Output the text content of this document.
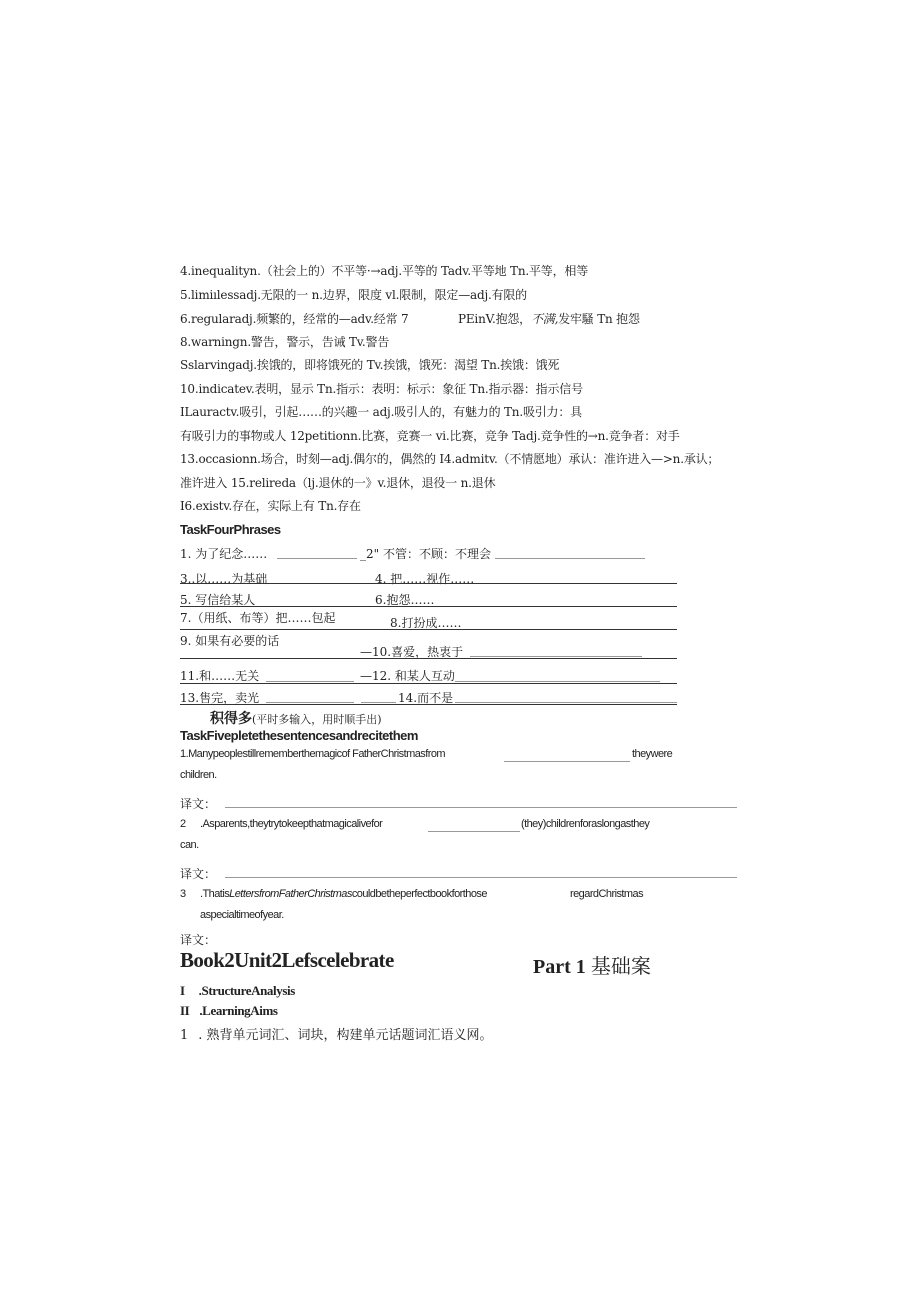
4.inequalityn.（社会上的）不平等·→adj.平等的 Tadv.平等地 Tn.平等，相等
5.limiılessadj.无限的一 n.边界，限度 vl.限制，限定—adj.有限的
6.regularadj.频繁的，经常的—adv.经常 7	PEinV.抱怨，不满,发牢騷 Tn 抱怨
8.warningn.警告，警示，告诫 Tv.警告
Sslarvingadj.挨饿的，即将饿死的 Tv.挨饿，饿死：渴望 Tn.挨饿：饿死
10.indicatev.表明，显示 Tn.指示：表明：标示：象征 Tn.指示器：指示信号
ILauractv.吸引，引起……的兴趣一 adj.吸引人的，有魅力的 Tn.吸引力：具
有吸引力的事物或人 12petitionn.比赛，竞赛一 vi.比赛，竞争 Tadj.竞争性的→n.竞争者：对手
13.occasionn.场合，时刻—adj.偶尔的，偶然的 I4.admitv.（不情愿地）承认：准许进入—>n.承认；
准许进入 15.relireda（lj.退休的一》v.退休，退役一 n.退休
I6.existv.存在，实际上有 Tn.存在
TaskFourPhrases
1. 为了纪念……	_2" 不管：不顾：不理会
3..以……为基础	4. 把……视作……
5. 写信给某人	6.抱怨……
7.（用纸、布等）把……包起	8.打扮成……
9. 如果有必要的话
—10.喜爱，热衷于
11.和……无关	—12. 和某人互动
13.售完，卖光	14.而不是
积得多(平时多输入，用时顺手出)
TaskFivepletethesentencesandrecitethem
1.Manypeoplestillrememberthemagicof FatherChristmasfrom	theywere
children.
译文：
2 .Asparents,theytrytokeepthatmagicalivefor	(they)childrenforaslongasthey
can.
译文：
3 .ThatisLettersfromFatherChristmascouldbetheperfectbookforthose	regardChristmas
aspecialtimeofyear.
译文：
Book2Unit2Lefscelebrate	Part 1 基础案
I .StructureAnalysis
II .LearningAims
1 . 熟背单元词汇、词块，构建单元话题词汇语义网。
